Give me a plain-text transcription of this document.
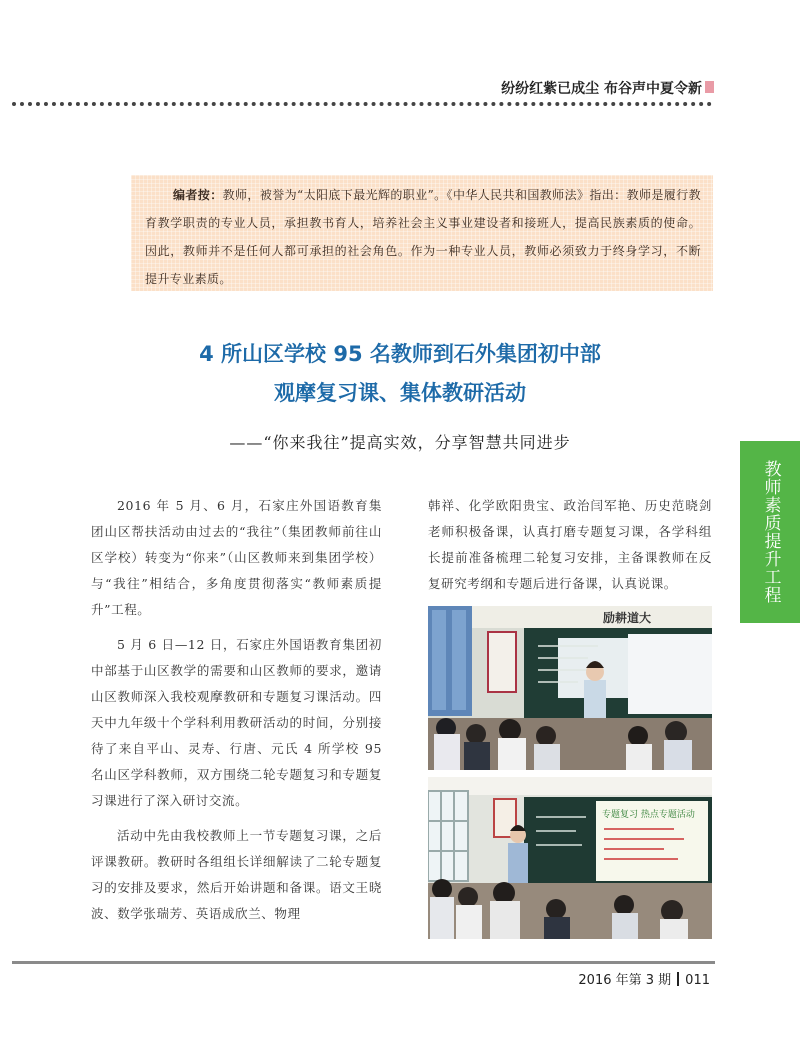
纷纷红紫已成尘 布谷声中夏令新
编者按：教师，被誉为“太阳底下最光辉的职业”。《中华人民共和国教师法》指出：教师是履行教育教学职责的专业人员，承担教书育人，培养社会主义事业建设者和接班人，提高民族素质的使命。因此，教师并不是任何人都可承担的社会角色。作为一种专业人员，教师必须致力于终身学习，不断提升专业素质。
4 所山区学校 95 名教师到石外集团初中部
观摩复习课、集体教研活动
——“你来我往”提高实效，分享智慧共同进步
教师素质提升工程

2016 年 5 月、6 月，石家庄外国语教育集团山区帮扶活动由过去的“我往”（集团教师前往山区学校）转变为“你来”（山区教师来到集团学校）与“我往”相结合，多角度贯彻落实“教师素质提升”工程。

5 月 6 日—12 日，石家庄外国语教育集团初中部基于山区教学的需要和山区教师的要求，邀请山区教师深入我校观摩教研和专题复习课活动。四天中九年级十个学科利用教研活动的时间，分别接待了来自平山、灵寿、行唐、元氏 4 所学校 95 名山区学科教师，双方围绕二轮专题复习和专题复习课进行了深入研讨交流。

活动中先由我校教师上一节专题复习课，之后评课教研。教研时各组组长详细解读了二轮专题复习的安排及要求，然后开始讲题和备课。语文王晓波、数学张瑞芳、英语成欣兰、物理

韩祥、化学欧阳贵宝、政治闫军艳、历史范晓剑老师积极备课，认真打磨专题复习课，各学科组长提前准备梳理二轮复习安排，主备课教师在反复研究考纲和专题后进行备课，认真说课。

励耕道大
专题复习 热点专题活动
2016 年第 3 期 011
